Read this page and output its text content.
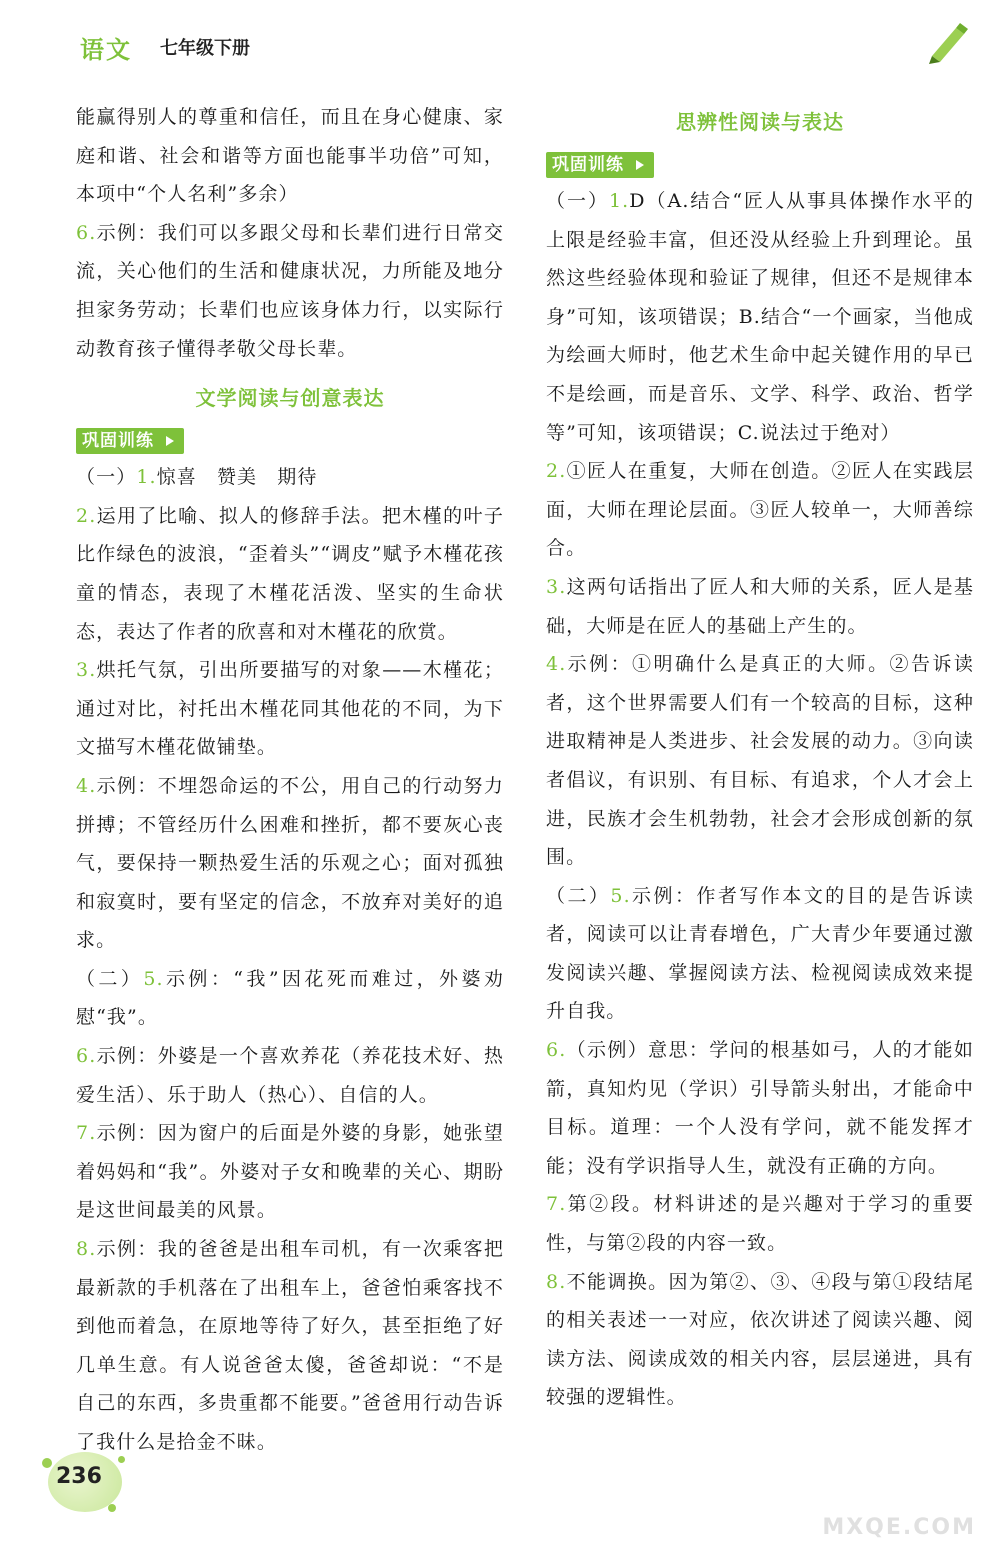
语文 七年级下册

能赢得别人的尊重和信任，而且在身心健康、家庭和谐、社会和谐等方面也能事半功倍”可知，本项中“个人名利”多余）

6.示例：我们可以多跟父母和长辈们进行日常交流，关心他们的生活和健康状况，力所能及地分担家务劳动；长辈们也应该身体力行，以实际行动教育孩子懂得孝敬父母长辈。

文学阅读与创意表达
巩固训练

（一）1.惊喜　赞美　期待

2.运用了比喻、拟人的修辞手法。把木槿的叶子比作绿色的波浪，“歪着头”“调皮”赋予木槿花孩童的情态，表现了木槿花活泼、坚实的生命状态，表达了作者的欣喜和对木槿花的欣赏。

3.烘托气氛，引出所要描写的对象——木槿花；通过对比，衬托出木槿花同其他花的不同，为下文描写木槿花做铺垫。

4.示例：不埋怨命运的不公，用自己的行动努力拼搏；不管经历什么困难和挫折，都不要灰心丧气，要保持一颗热爱生活的乐观之心；面对孤独和寂寞时，要有坚定的信念，不放弃对美好的追求。

（二）5.示例：“我”因花死而难过，外婆劝慰“我”。

6.示例：外婆是一个喜欢养花（养花技术好、热爱生活）、乐于助人（热心）、自信的人。

7.示例：因为窗户的后面是外婆的身影，她张望着妈妈和“我”。外婆对子女和晚辈的关心、期盼是这世间最美的风景。

8.示例：我的爸爸是出租车司机，有一次乘客把最新款的手机落在了出租车上，爸爸怕乘客找不到他而着急，在原地等待了好久，甚至拒绝了好几单生意。有人说爸爸太傻，爸爸却说：“不是自己的东西，多贵重都不能要。”爸爸用行动告诉了我什么是拾金不昧。

思辨性阅读与表达
巩固训练

（一）1.D（A.结合“匠人从事具体操作水平的上限是经验丰富，但还没从经验上升到理论。虽然这些经验体现和验证了规律，但还不是规律本身”可知，该项错误；B.结合“一个画家，当他成为绘画大师时，他艺术生命中起关键作用的早已不是绘画，而是音乐、文学、科学、政治、哲学等”可知，该项错误；C.说法过于绝对）

2.①匠人在重复，大师在创造。②匠人在实践层面，大师在理论层面。③匠人较单一，大师善综合。

3.这两句话指出了匠人和大师的关系，匠人是基础，大师是在匠人的基础上产生的。

4.示例：①明确什么是真正的大师。②告诉读者，这个世界需要人们有一个较高的目标，这种进取精神是人类进步、社会发展的动力。③向读者倡议，有识别、有目标、有追求，个人才会上进，民族才会生机勃勃，社会才会形成创新的氛围。

（二）5.示例：作者写作本文的目的是告诉读者，阅读可以让青春增色，广大青少年要通过激发阅读兴趣、掌握阅读方法、检视阅读成效来提升自我。

6.（示例）意思：学问的根基如弓，人的才能如箭，真知灼见（学识）引导箭头射出，才能命中目标。道理：一个人没有学问，就不能发挥才能；没有学识指导人生，就没有正确的方向。

7.第②段。材料讲述的是兴趣对于学习的重要性，与第②段的内容一致。

8.不能调换。因为第②、③、④段与第①段结尾的相关表述一一对应，依次讲述了阅读兴趣、阅读方法、阅读成效的相关内容，层层递进，具有较强的逻辑性。

236
MXQE.COM
